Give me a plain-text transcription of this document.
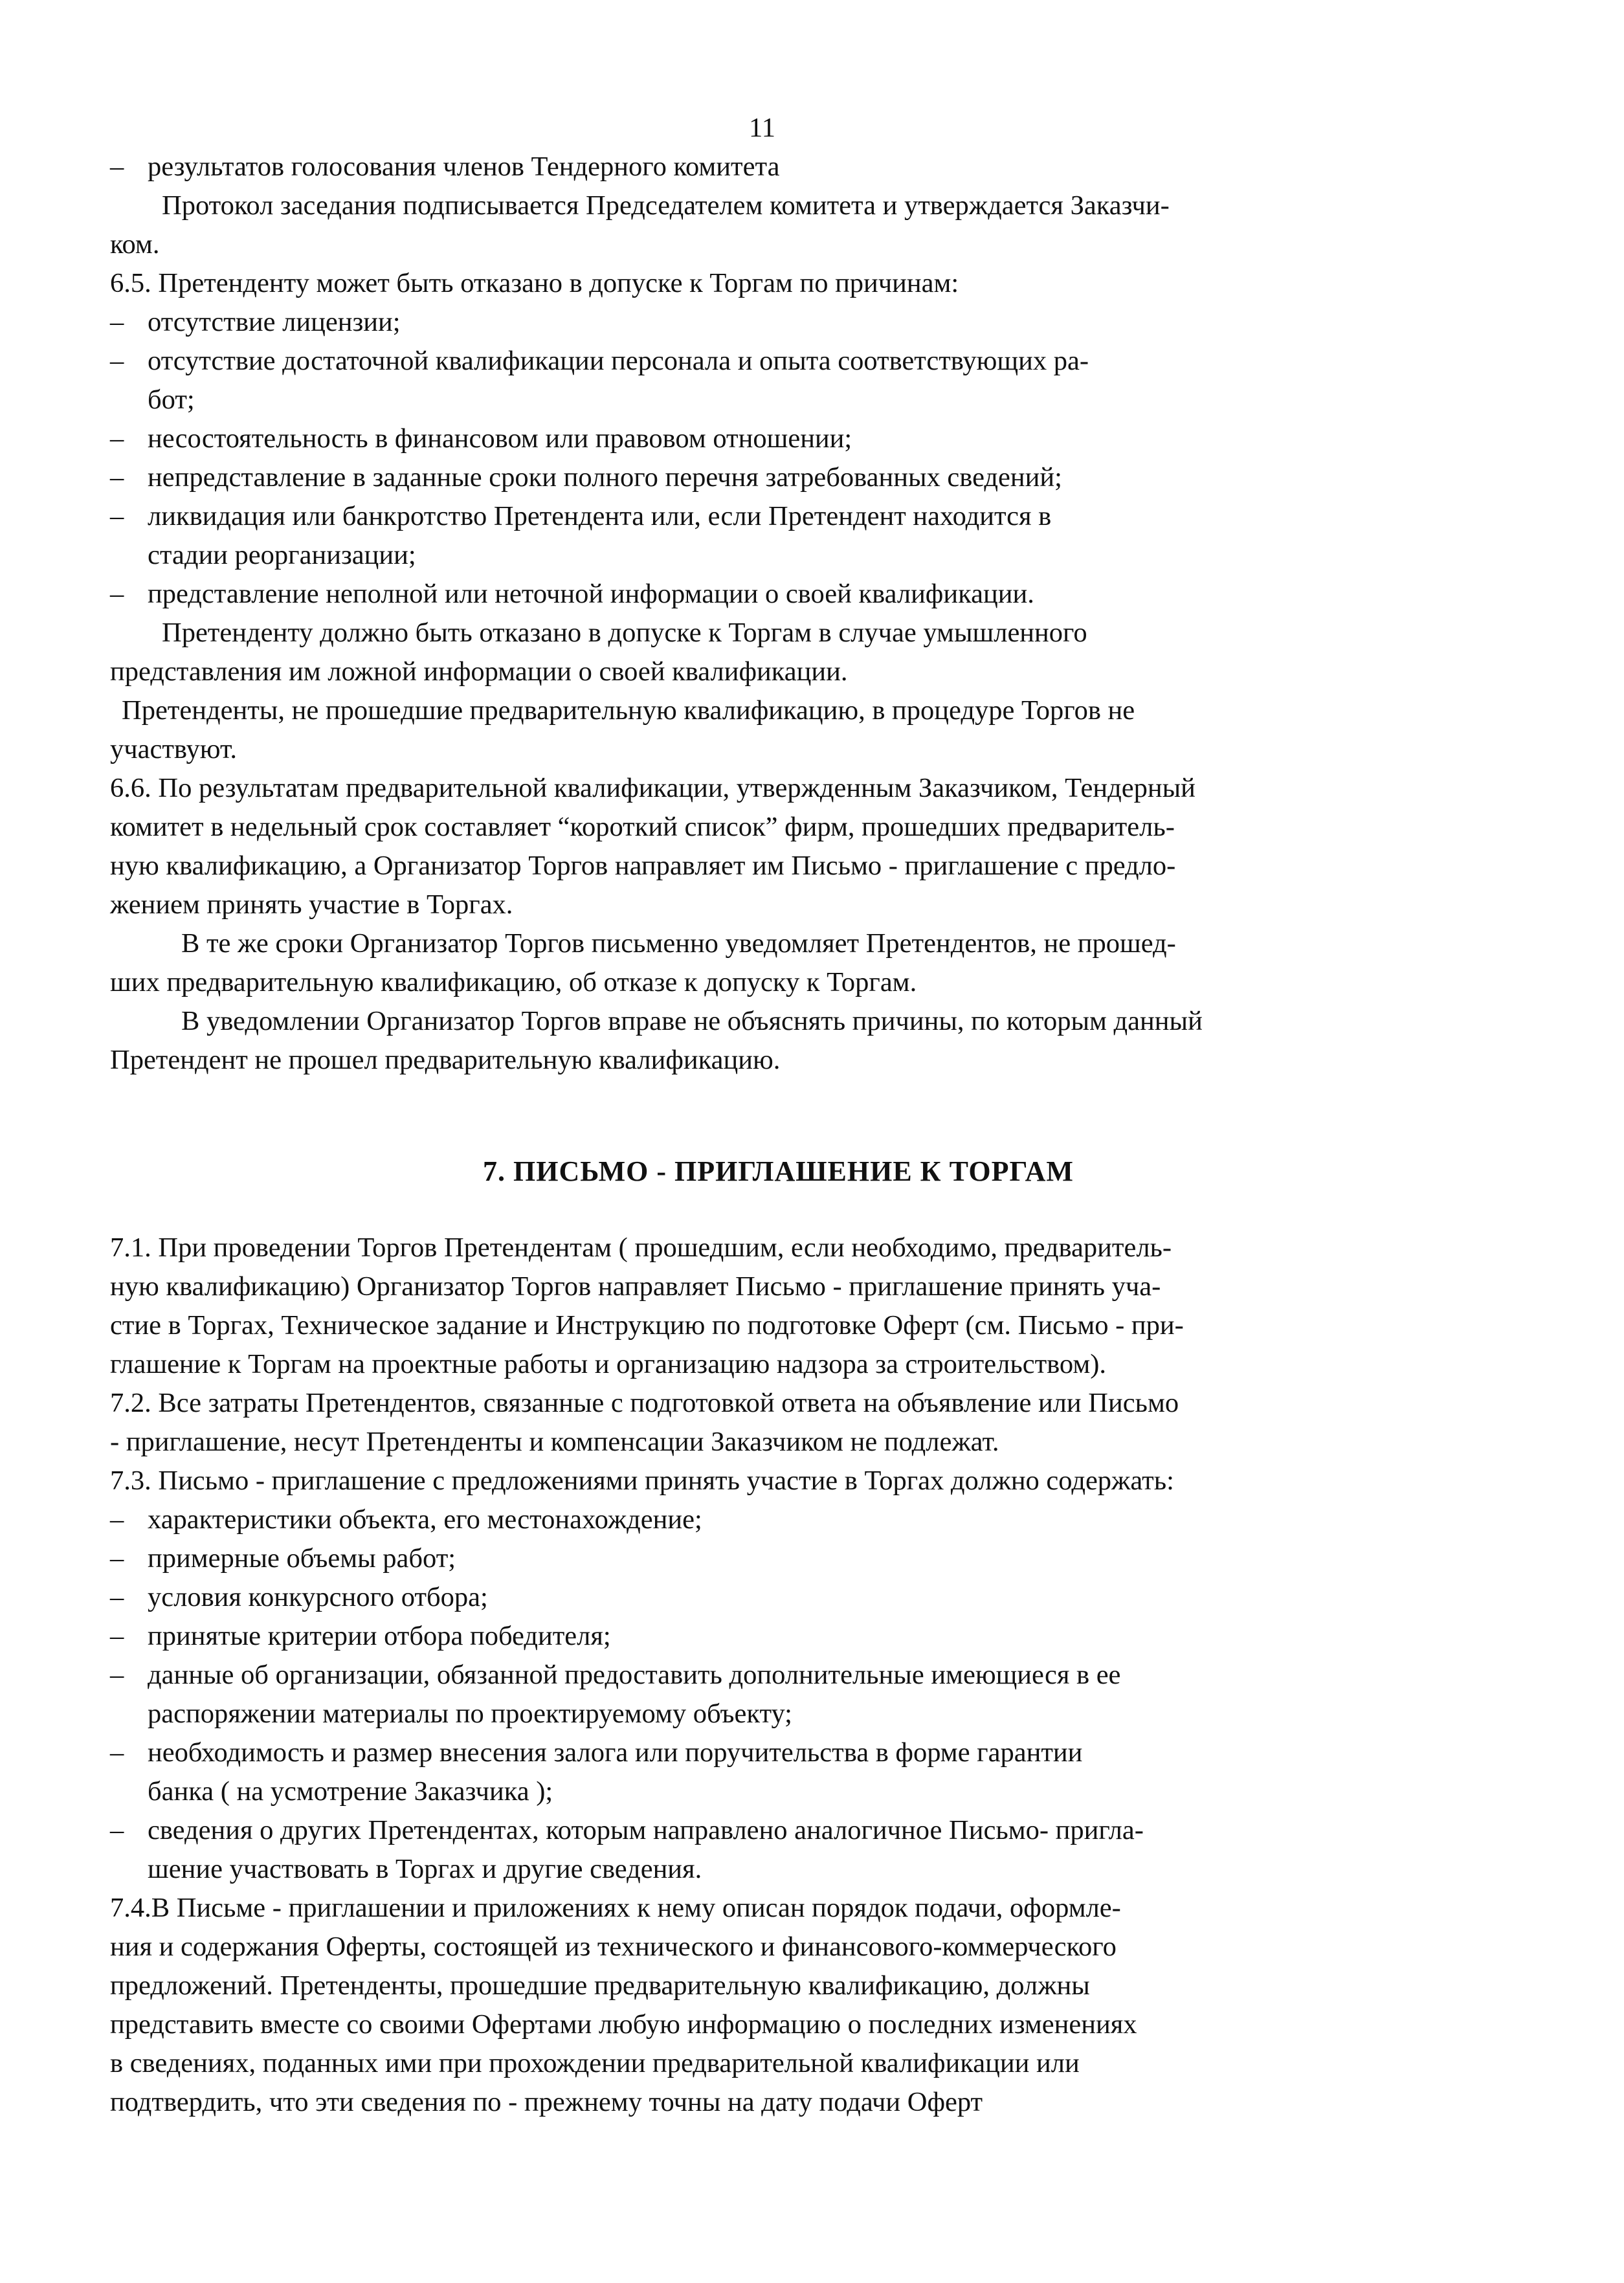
11
– результатов голосования членов Тендерного комитета
Протокол заседания подписывается Председателем комитета и утверждается Заказчи-
ком.
6.5. Претенденту может быть отказано в допуске к Торгам по причинам:
– отсутствие лицензии;
– отсутствие достаточной квалификации персонала и опыта соответствующих ра-
бот;
– несостоятельность в финансовом или правовом отношении;
– непредставление в заданные сроки полного перечня затребованных сведений;
– ликвидация или банкротство Претендента или, если Претендент находится в
стадии реорганизации;
– представление неполной или неточной информации о своей квалификации.
Претенденту должно быть отказано в допуске к Торгам в случае умышленного
представления им ложной информации о своей квалификации.
Претенденты, не прошедшие предварительную квалификацию, в процедуре Торгов не
участвуют.
6.6. По результатам предварительной квалификации, утвержденным Заказчиком, Тендерный
комитет в недельный срок составляет “короткий список” фирм, прошедших предваритель-
ную квалификацию, а Организатор Торгов направляет им Письмо - приглашение с предло-
жением принять участие в Торгах.
В те же сроки Организатор Торгов письменно уведомляет Претендентов, не прошед-
ших предварительную квалификацию, об отказе к допуску к Торгам.
В уведомлении Организатор Торгов вправе не объяснять причины, по которым данный
Претендент не прошел предварительную квалификацию.
7. ПИСЬМО - ПРИГЛАШЕНИЕ К ТОРГАМ
7.1. При проведении Торгов Претендентам ( прошедшим, если необходимо, предваритель-
ную квалификацию) Организатор Торгов направляет Письмо - приглашение принять уча-
стие в Торгах, Техническое задание и Инструкцию по подготовке Оферт (см. Письмо - при-
глашение к Торгам на проектные работы и организацию надзора за строительством).
7.2. Все затраты Претендентов, связанные с подготовкой ответа на объявление или Письмо
- приглашение, несут Претенденты и компенсации Заказчиком не подлежат.
7.3. Письмо - приглашение с предложениями принять участие в Торгах должно содержать:
– характеристики объекта, его местонахождение;
– примерные объемы работ;
– условия конкурсного отбора;
– принятые критерии отбора победителя;
– данные об организации, обязанной предоставить дополнительные имеющиеся в ее
распоряжении материалы по проектируемому объекту;
– необходимость и размер внесения залога или поручительства в форме гарантии
банка ( на усмотрение Заказчика );
– сведения о других Претендентах, которым направлено аналогичное Письмо- пригла-
шение участвовать в Торгах и другие сведения.
7.4.В Письме - приглашении и приложениях к нему описан порядок подачи, оформле-
ния и содержания Оферты, состоящей из технического и финансового-коммерческого
предложений. Претенденты, прошедшие предварительную квалификацию, должны
представить вместе со своими Офертами любую информацию о последних изменениях
в сведениях, поданных ими при прохождении предварительной квалификации или
подтвердить, что эти сведения по - прежнему точны на дату подачи Оферт
